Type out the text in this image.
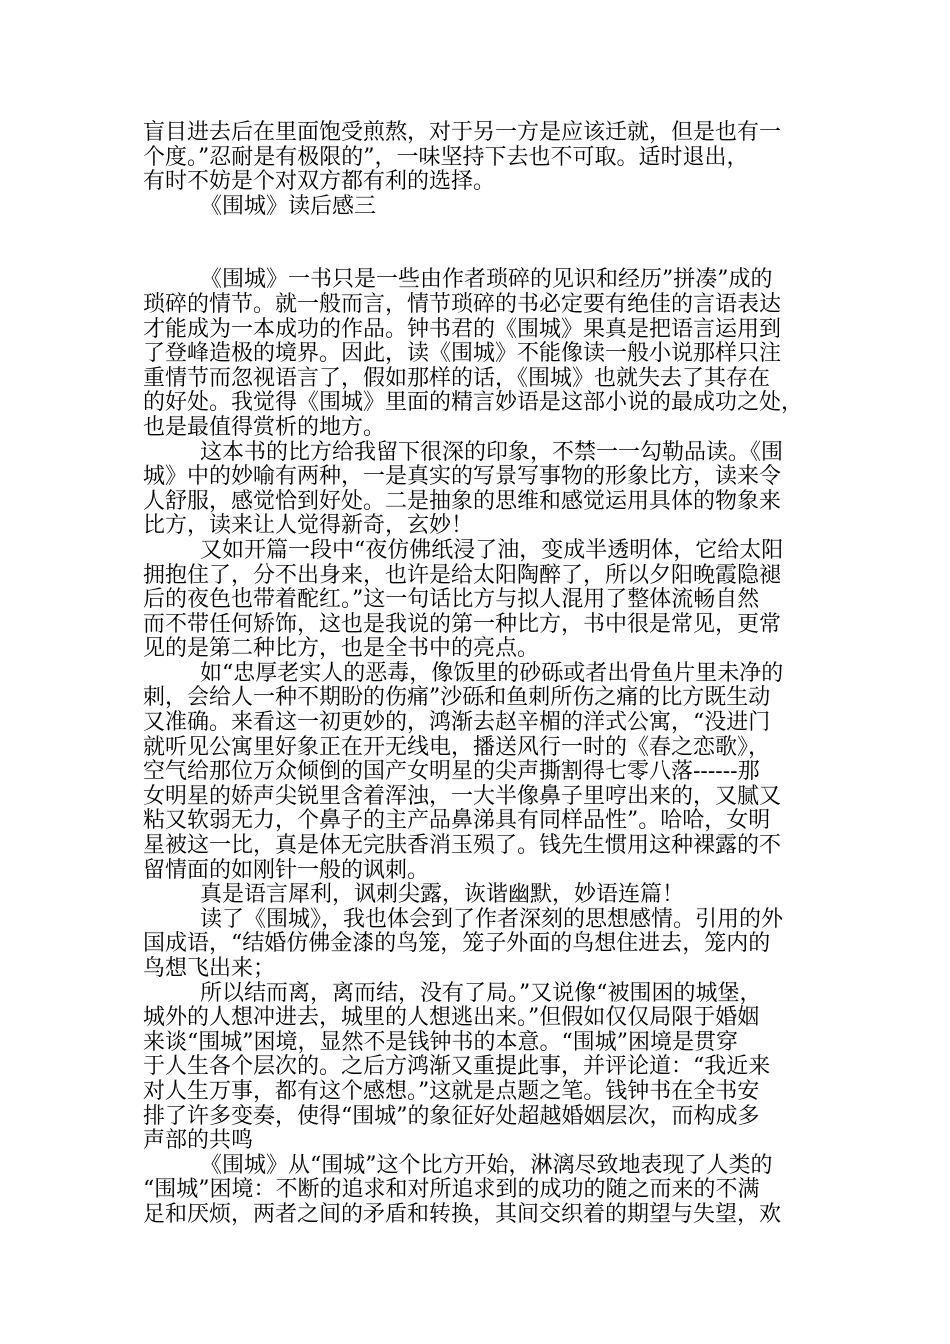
盲目进去后在里面饱受煎熬，对于另一方是应该迁就，但是也有一
个度。”忍耐是有极限的”，一味坚持下去也不可取。适时退出，
有时不妨是个对双方都有利的选择。
《围城》读后感三
《围城》一书只是一些由作者琐碎的见识和经历”拼凑”成的
琐碎的情节。就一般而言，情节琐碎的书必定要有绝佳的言语表达
才能成为一本成功的作品。钟书君的《围城》果真是把语言运用到
了登峰造极的境界。因此，读《围城》不能像读一般小说那样只注
重情节而忽视语言了，假如那样的话，《围城》也就失去了其存在
的好处。我觉得《围城》里面的精言妙语是这部小说的最成功之处，
也是最值得赏析的地方。
这本书的比方给我留下很深的印象，不禁一一勾勒品读。《围
城》中的妙喻有两种，一是真实的写景写事物的形象比方，读来令
人舒服，感觉恰到好处。二是抽象的思维和感觉运用具体的物象来
比方，读来让人觉得新奇，玄妙！
又如开篇一段中“夜仿佛纸浸了油，变成半透明体，它给太阳
拥抱住了，分不出身来，也许是给太阳陶醉了，所以夕阳晚霞隐褪
后的夜色也带着酡红。”这一句话比方与拟人混用了整体流畅自然
而不带任何矫饰，这也是我说的第一种比方，书中很是常见，更常
见的是第二种比方，也是全书中的亮点。
如“忠厚老实人的恶毒，像饭里的砂砾或者出骨鱼片里未净的
刺，会给人一种不期盼的伤痛”沙砾和鱼刺所伤之痛的比方既生动
又准确。来看这一初更妙的，鸿渐去赵辛楣的洋式公寓，“没进门
就听见公寓里好象正在开无线电，播送风行一时的《春之恋歌》，
空气给那位万众倾倒的国产女明星的尖声撕割得七零八落------那
女明星的娇声尖锐里含着浑浊，一大半像鼻子里哼出来的，又腻又
粘又软弱无力，个鼻子的主产品鼻涕具有同样品性”。哈哈，女明
星被这一比，真是体无完肤香消玉殒了。钱先生惯用这种裸露的不
留情面的如刚针一般的讽刺。
真是语言犀利，讽刺尖露，诙谐幽默，妙语连篇！
读了《围城》，我也体会到了作者深刻的思想感情。引用的外
国成语，“结婚仿佛金漆的鸟笼，笼子外面的鸟想住进去，笼内的
鸟想飞出来；
所以结而离，离而结，没有了局。”又说像“被围困的城堡，
城外的人想冲进去，城里的人想逃出来。”但假如仅仅局限于婚姻
来谈“围城”困境，显然不是钱钟书的本意。“围城”困境是贯穿
于人生各个层次的。之后方鸿渐又重提此事，并评论道：“我近来
对人生万事，都有这个感想。”这就是点题之笔。钱钟书在全书安
排了许多变奏，使得“围城”的象征好处超越婚姻层次，而构成多
声部的共鸣
《围城》从“围城”这个比方开始，淋漓尽致地表现了人类的
“围城”困境：不断的追求和对所追求到的成功的随之而来的不满
足和厌烦，两者之间的矛盾和转换，其间交织着的期望与失望，欢
